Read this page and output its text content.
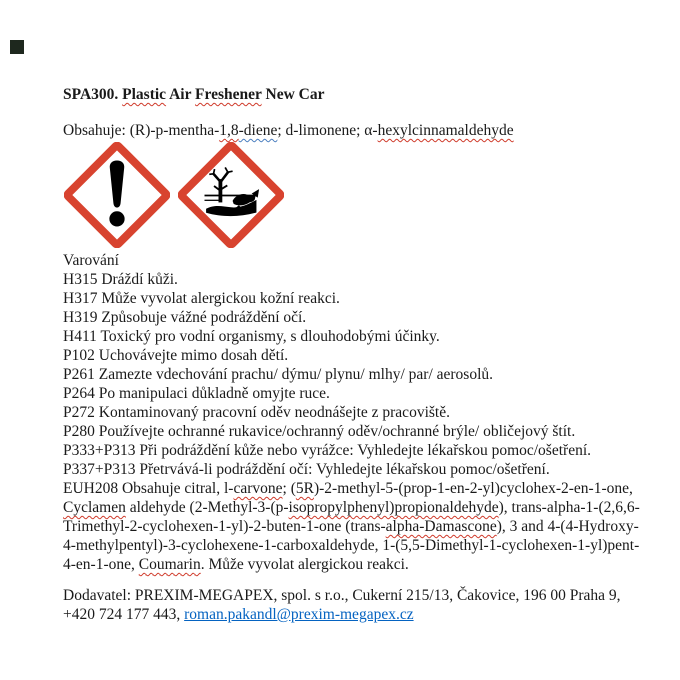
SPA300. Plastic Air Freshener New Car
Obsahuje: (R)-p-mentha-1,8-diene; d-limonene; α-hexylcinnamaldehyde
Varování
H315 Dráždí kůži.
H317 Může vyvolat alergickou kožní reakci.
H319 Způsobuje vážné podráždění očí.
H411 Toxický pro vodní organismy, s dlouhodobými účinky.
P102 Uchovávejte mimo dosah dětí.
P261 Zamezte vdechování prachu/ dýmu/ plynu/ mlhy/ par/ aerosolů.
P264 Po manipulaci důkladně omyjte ruce.
P272 Kontaminovaný pracovní oděv neodnášejte z pracoviště.
P280 Používejte ochranné rukavice/ochranný oděv/ochranné brýle/ obličejový štít.
P333+P313 Při podráždění kůže nebo vyrážce: Vyhledejte lékařskou pomoc/ošetření.
P337+P313 Přetrvává-li podráždění očí: Vyhledejte lékařskou pomoc/ošetření.
EUH208 Obsahuje citral, l-carvone; (5R)-2-methyl-5-(prop-1-en-2-yl)cyclohex-2-en-1-one,
Cyclamen aldehyde (2-Methyl-3-(p-isopropylphenyl)propionaldehyde), trans-alpha-1-(2,6,6-
Trimethyl-2-cyclohexen-1-yl)-2-buten-1-one (trans-alpha-Damascone), 3 and 4-(4-Hydroxy-
4-methylpentyl)-3-cyclohexene-1-carboxaldehyde, 1-(5,5-Dimethyl-1-cyclohexen-1-yl)pent-
4-en-1-one, Coumarin. Může vyvolat alergickou reakci.
Dodavatel: PREXIM-MEGAPEX, spol. s r.o., Cukerní 215/13, Čakovice, 196 00 Praha 9,
+420 724 177 443, roman.pakandl@prexim-megapex.cz
